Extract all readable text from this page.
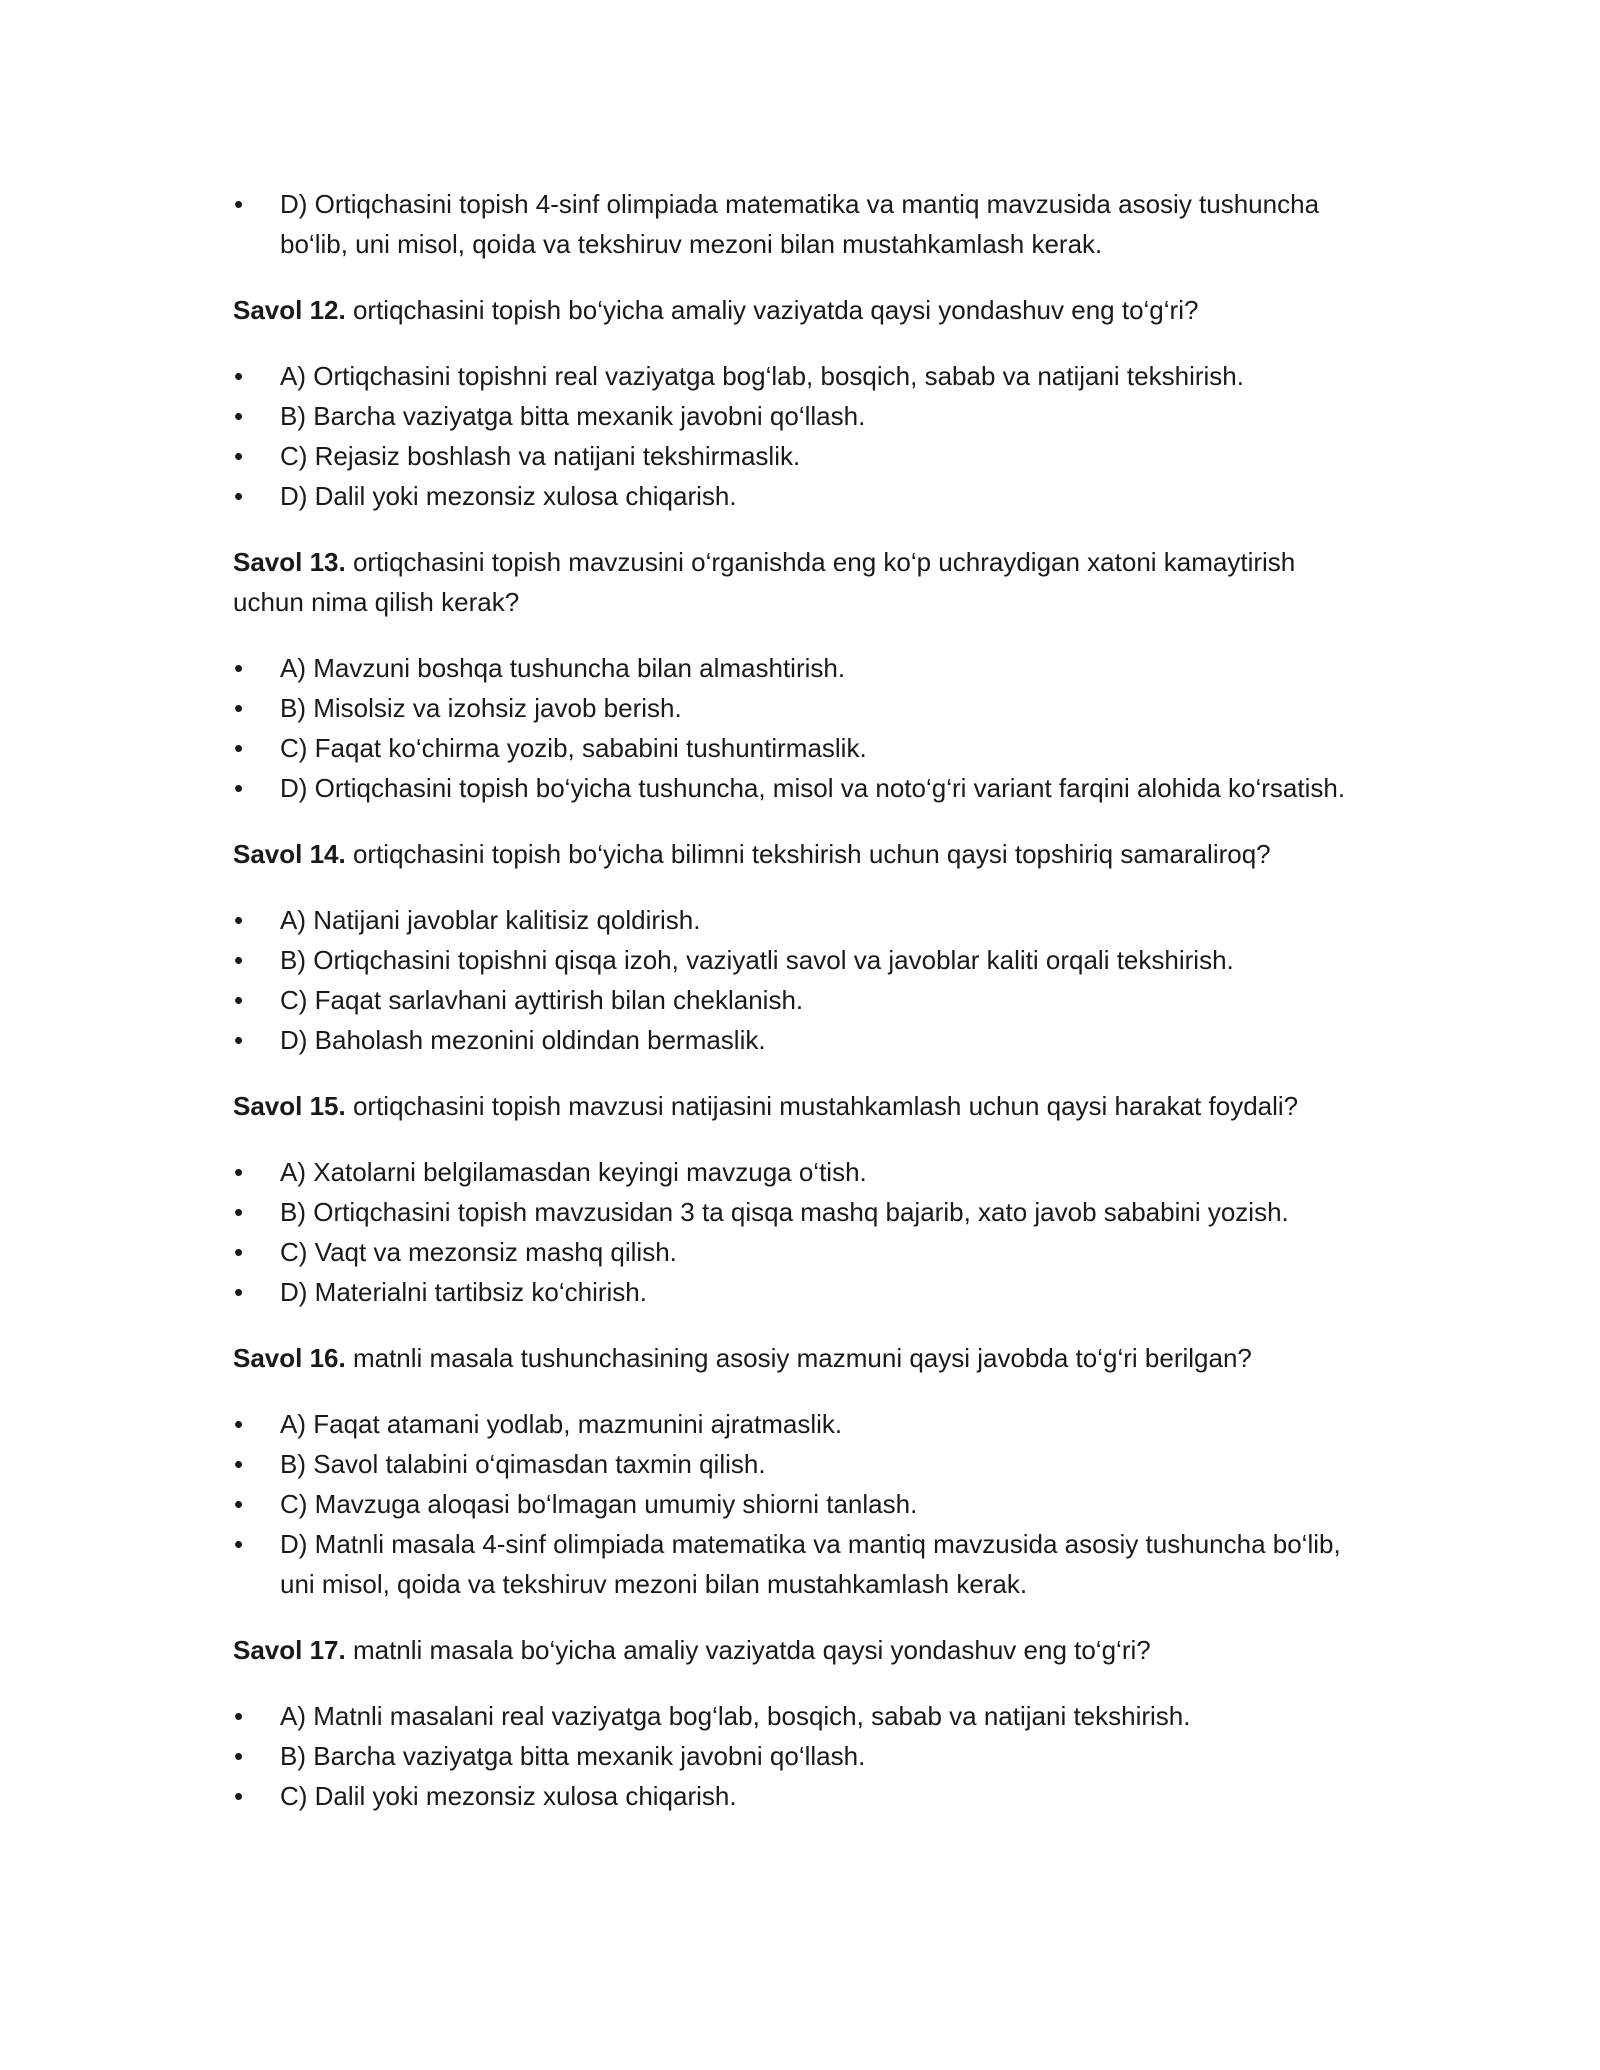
•	D) Ortiqchasini topish 4-sinf olimpiada matematika va mantiq mavzusida asosiy tushuncha bo‘lib, uni misol, qoida va tekshiruv mezoni bilan mustahkamlash kerak.

Savol 12. ortiqchasini topish bo‘yicha amaliy vaziyatda qaysi yondashuv eng to‘g‘ri?

•	A) Ortiqchasini topishni real vaziyatga bog‘lab, bosqich, sabab va natijani tekshirish.
•	B) Barcha vaziyatga bitta mexanik javobni qo‘llash.
•	C) Rejasiz boshlash va natijani tekshirmaslik.
•	D) Dalil yoki mezonsiz xulosa chiqarish.

Savol 13. ortiqchasini topish mavzusini o‘rganishda eng ko‘p uchraydigan xatoni kamaytirish uchun nima qilish kerak?

•	A) Mavzuni boshqa tushuncha bilan almashtirish.
•	B) Misolsiz va izohsiz javob berish.
•	C) Faqat ko‘chirma yozib, sababini tushuntirmaslik.
•	D) Ortiqchasini topish bo‘yicha tushuncha, misol va noto‘g‘ri variant farqini alohida ko‘rsatish.

Savol 14. ortiqchasini topish bo‘yicha bilimni tekshirish uchun qaysi topshiriq samaraliroq?

•	A) Natijani javoblar kalitisiz qoldirish.
•	B) Ortiqchasini topishni qisqa izoh, vaziyatli savol va javoblar kaliti orqali tekshirish.
•	C) Faqat sarlavhani ayttirish bilan cheklanish.
•	D) Baholash mezonini oldindan bermaslik.

Savol 15. ortiqchasini topish mavzusi natijasini mustahkamlash uchun qaysi harakat foydali?

•	A) Xatolarni belgilamasdan keyingi mavzuga o‘tish.
•	B) Ortiqchasini topish mavzusidan 3 ta qisqa mashq bajarib, xato javob sababini yozish.
•	C) Vaqt va mezonsiz mashq qilish.
•	D) Materialni tartibsiz ko‘chirish.

Savol 16. matnli masala tushunchasining asosiy mazmuni qaysi javobda to‘g‘ri berilgan?

•	A) Faqat atamani yodlab, mazmunini ajratmaslik.
•	B) Savol talabini o‘qimasdan taxmin qilish.
•	C) Mavzuga aloqasi bo‘lmagan umumiy shiorni tanlash.
•	D) Matnli masala 4-sinf olimpiada matematika va mantiq mavzusida asosiy tushuncha bo‘lib, uni misol, qoida va tekshiruv mezoni bilan mustahkamlash kerak.

Savol 17. matnli masala bo‘yicha amaliy vaziyatda qaysi yondashuv eng to‘g‘ri?

•	A) Matnli masalani real vaziyatga bog‘lab, bosqich, sabab va natijani tekshirish.
•	B) Barcha vaziyatga bitta mexanik javobni qo‘llash.
•	C) Dalil yoki mezonsiz xulosa chiqarish.
